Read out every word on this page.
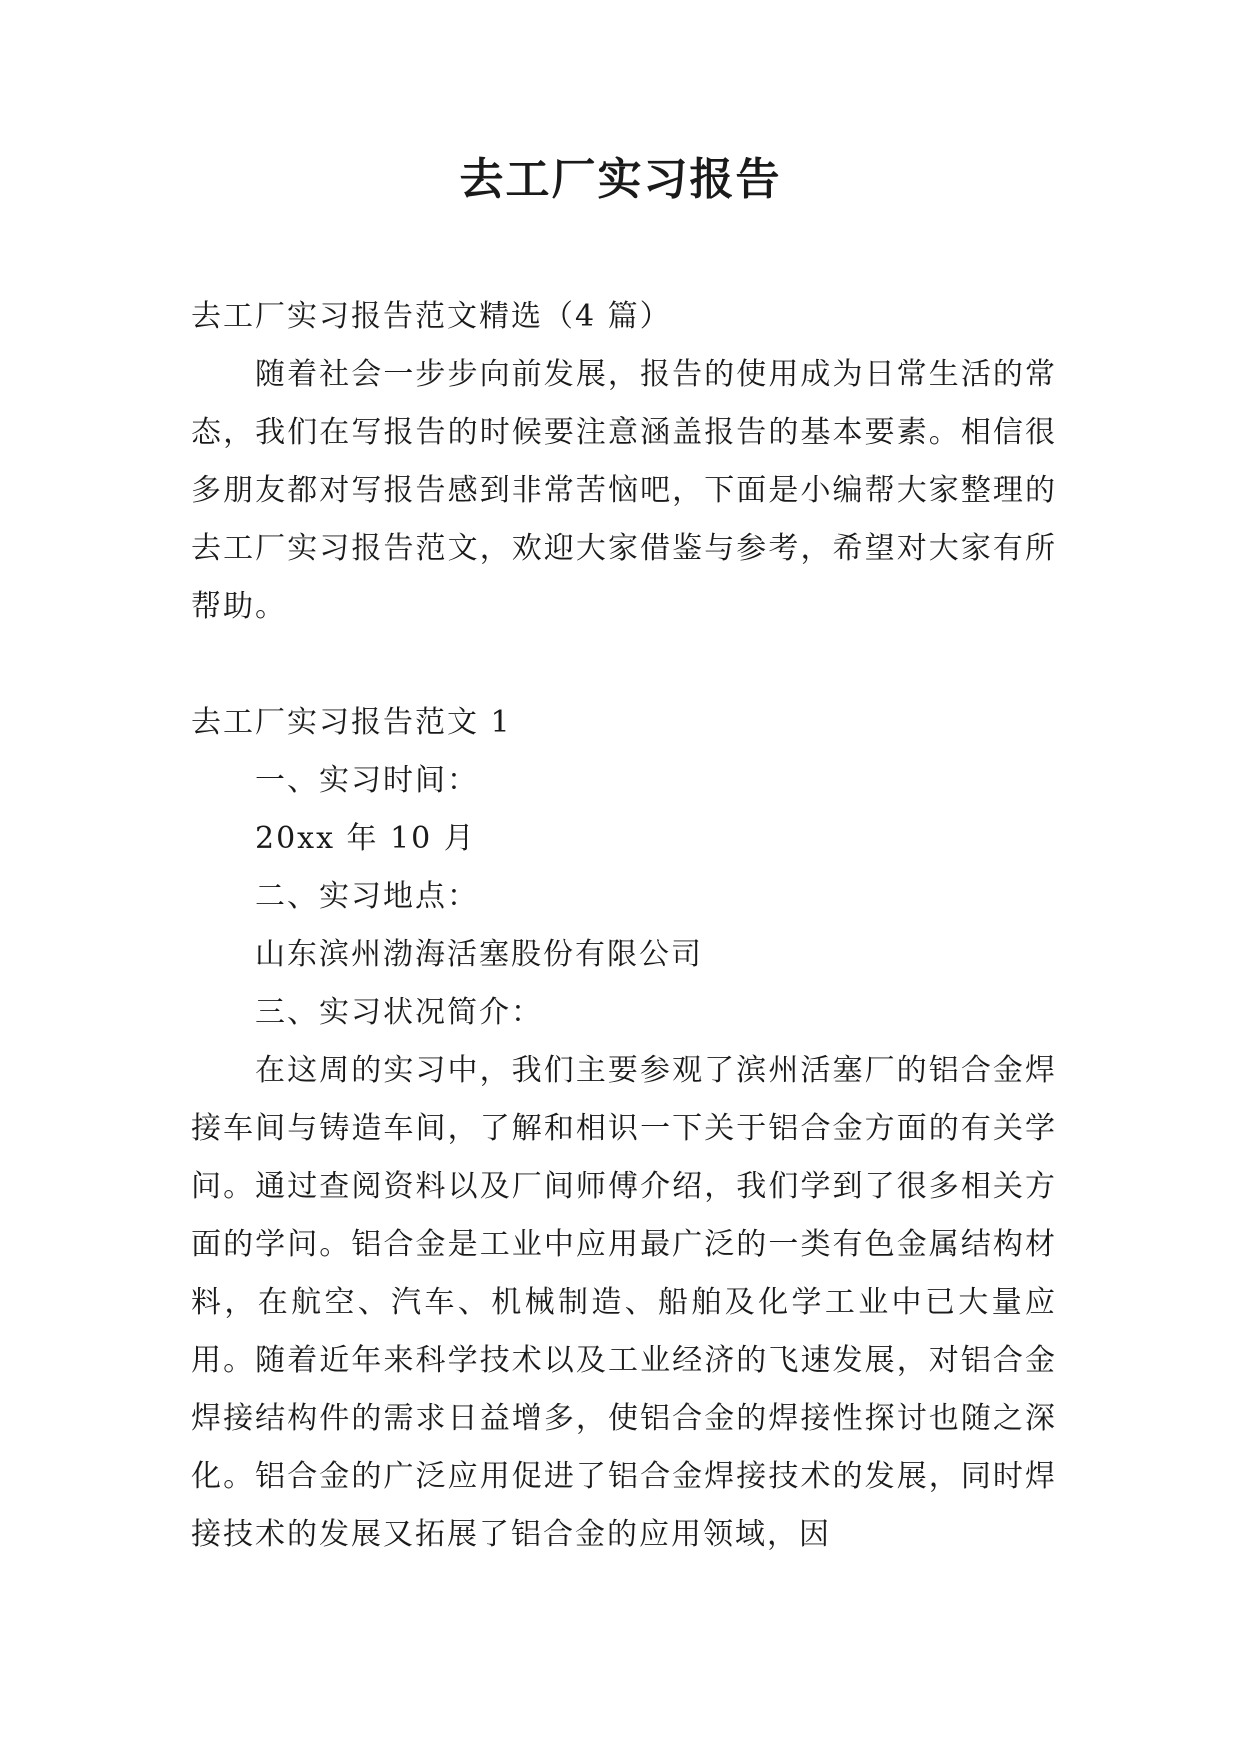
去工厂实习报告

去工厂实习报告范文精选（4 篇）

随着社会一步步向前发展，报告的使用成为日常生活的常态，我们在写报告的时候要注意涵盖报告的基本要素。相信很多朋友都对写报告感到非常苦恼吧，下面是小编帮大家整理的去工厂实习报告范文，欢迎大家借鉴与参考，希望对大家有所帮助。

去工厂实习报告范文 1

一、实习时间：

20xx 年 10 月

二、实习地点：

山东滨州渤海活塞股份有限公司

三、实习状况简介：

在这周的实习中，我们主要参观了滨州活塞厂的铝合金焊接车间与铸造车间，了解和相识一下关于铝合金方面的有关学问。通过查阅资料以及厂间师傅介绍，我们学到了很多相关方面的学问。铝合金是工业中应用最广泛的一类有色金属结构材料，在航空、汽车、机械制造、船舶及化学工业中已大量应用。随着近年来科学技术以及工业经济的飞速发展，对铝合金焊接结构件的需求日益增多，使铝合金的焊接性探讨也随之深化。铝合金的广泛应用促进了铝合金焊接技术的发展，同时焊接技术的发展又拓展了铝合金的应用领域，因
